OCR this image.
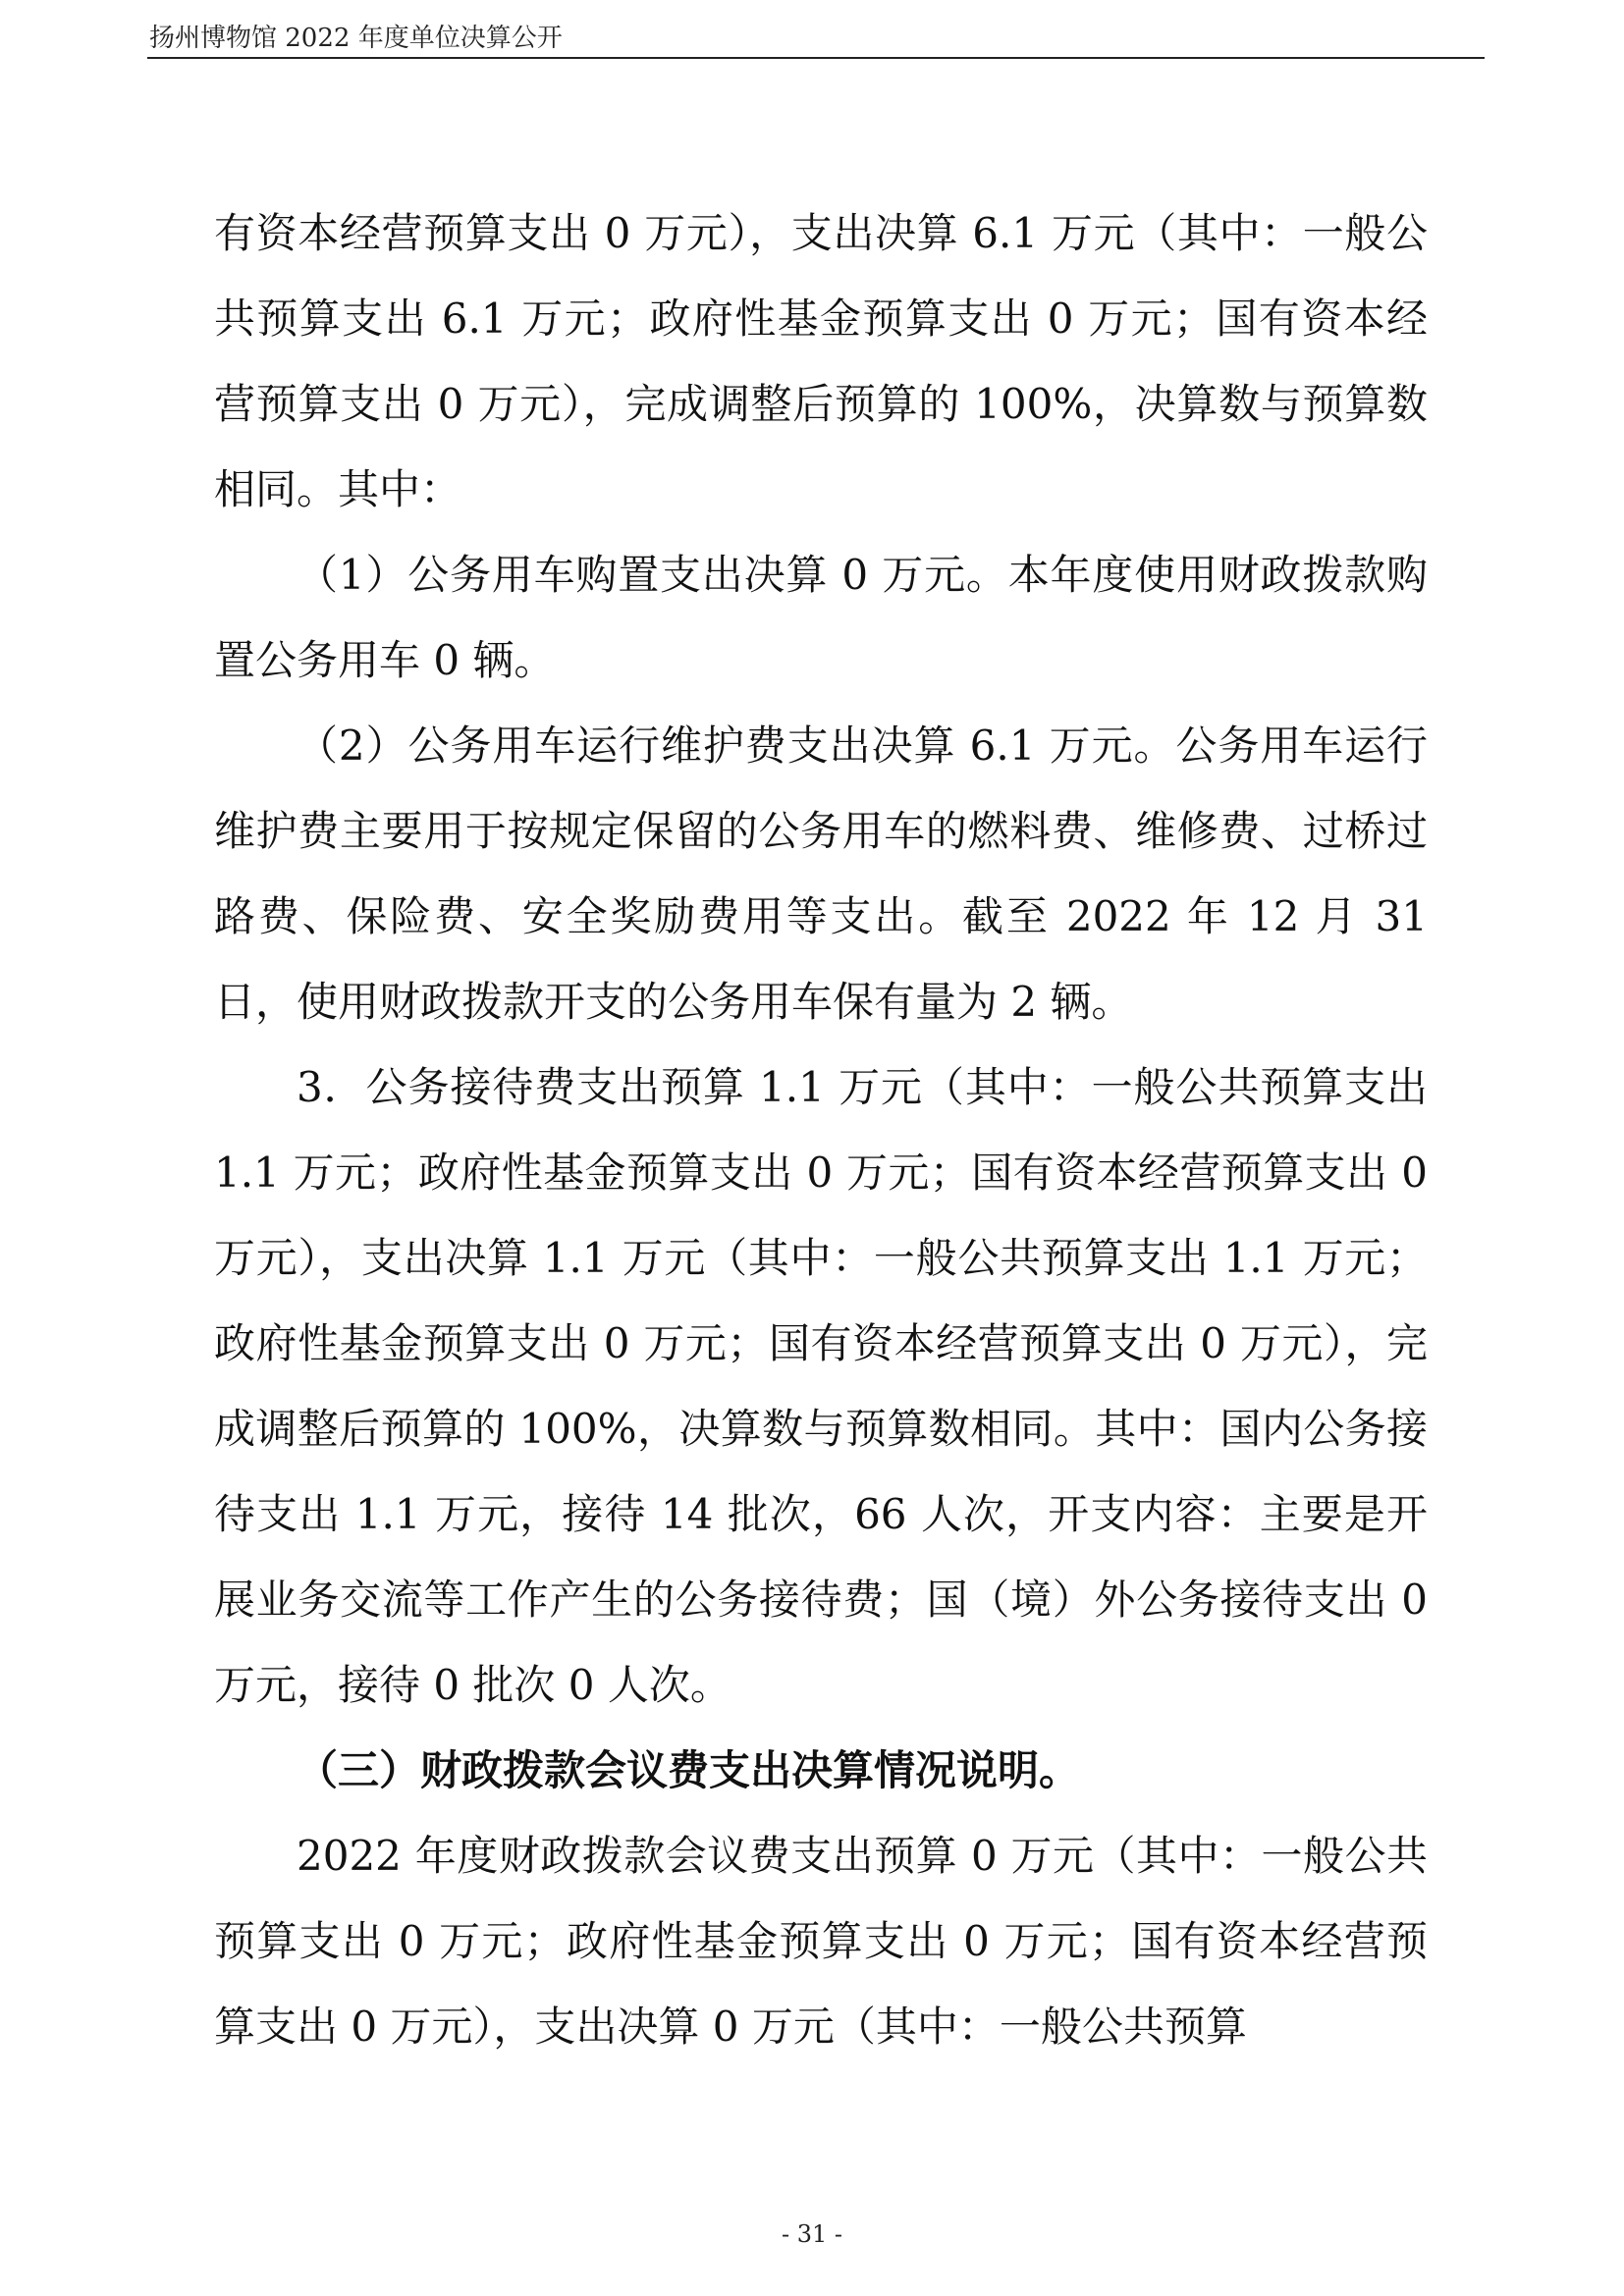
扬州博物馆 2022 年度单位决算公开

有资本经营预算支出 0 万元），支出决算 6.1 万元（其中：一般公共预算支出 6.1 万元；政府性基金预算支出 0 万元；国有资本经营预算支出 0 万元），完成调整后预算的 100%，决算数与预算数相同。其中：

（1）公务用车购置支出决算 0 万元。本年度使用财政拨款购置公务用车 0 辆。

（2）公务用车运行维护费支出决算 6.1 万元。公务用车运行维护费主要用于按规定保留的公务用车的燃料费、维修费、过桥过路费、保险费、安全奖励费用等支出。截至 2022 年 12 月 31 日，使用财政拨款开支的公务用车保有量为 2 辆。

3．公务接待费支出预算 1.1 万元（其中：一般公共预算支出 1.1 万元；政府性基金预算支出 0 万元；国有资本经营预算支出 0 万元），支出决算 1.1 万元（其中：一般公共预算支出 1.1 万元；政府性基金预算支出 0 万元；国有资本经营预算支出 0 万元），完成调整后预算的 100%，决算数与预算数相同。其中：国内公务接待支出 1.1 万元，接待 14 批次，66 人次，开支内容：主要是开展业务交流等工作产生的公务接待费；国（境）外公务接待支出 0 万元，接待 0 批次 0 人次。

（三）财政拨款会议费支出决算情况说明。

2022 年度财政拨款会议费支出预算 0 万元（其中：一般公共预算支出 0 万元；政府性基金预算支出 0 万元；国有资本经营预算支出 0 万元），支出决算 0 万元（其中：一般公共预算

- 31 -
